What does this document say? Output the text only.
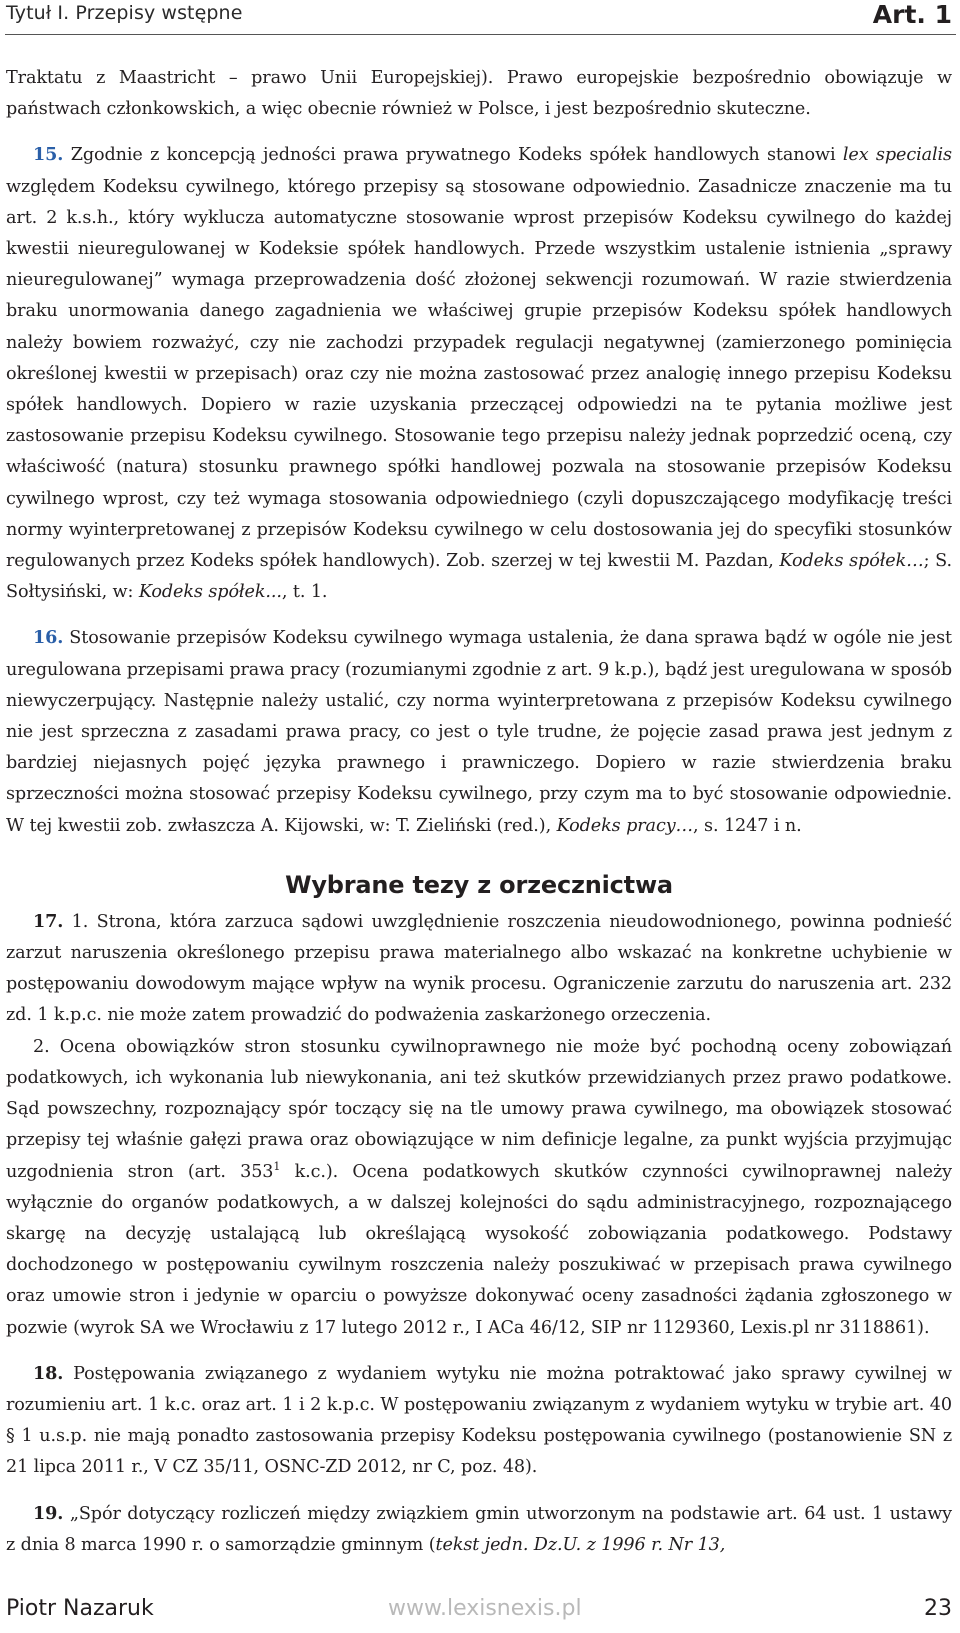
Tytuł I. Przepisy wstępne	Art. 1

Traktatu z Maastricht – prawo Unii Europejskiej). Prawo europejskie bezpośrednio obowiązuje w państwach członkowskich, a więc obecnie również w Polsce, i jest bezpośrednio skuteczne.

15. Zgodnie z koncepcją jedności prawa prywatnego Kodeks spółek handlowych stanowi lex specialis względem Kodeksu cywilnego, którego przepisy są stosowane odpowiednio. Zasadnicze znaczenie ma tu art. 2 k.s.h., który wyklucza automatyczne stosowanie wprost przepisów Kodeksu cywilnego do każdej kwestii nieuregulowanej w Kodeksie spółek handlowych. Przede wszystkim ustalenie istnienia „sprawy nieuregulowanej” wymaga przeprowadzenia dość złożonej sekwencji rozumowań. W razie stwierdzenia braku unormowania danego zagadnienia we właściwej grupie przepisów Kodeksu spółek handlowych należy bowiem rozważyć, czy nie zachodzi przypadek regulacji negatywnej (zamierzonego pominięcia określonej kwestii w przepisach) oraz czy nie można zastosować przez analogię innego przepisu Kodeksu spółek handlowych. Dopiero w razie uzyskania przeczącej odpowiedzi na te pytania możliwe jest zastosowanie przepisu Kodeksu cywilnego. Stosowanie tego przepisu należy jednak poprzedzić oceną, czy właściwość (natura) stosunku prawnego spółki handlowej pozwala na stosowanie przepisów Kodeksu cywilnego wprost, czy też wymaga stosowania odpowiedniego (czyli dopuszczającego modyfikację treści normy wyinterpretowanej z przepisów Kodeksu cywilnego w celu dostosowania jej do specyfiki stosunków regulowanych przez Kodeks spółek handlowych). Zob. szerzej w tej kwestii M. Pazdan, Kodeks spółek…; S. Sołtysiński, w: Kodeks spółek..., t. 1.

16. Stosowanie przepisów Kodeksu cywilnego wymaga ustalenia, że dana sprawa bądź w ogóle nie jest uregulowana przepisami prawa pracy (rozumianymi zgodnie z art. 9 k.p.), bądź jest uregulowana w sposób niewyczerpujący. Następnie należy ustalić, czy norma wyinterpretowana z przepisów Kodeksu cywilnego nie jest sprzeczna z zasadami prawa pracy, co jest o tyle trudne, że pojęcie zasad prawa jest jednym z bardziej niejasnych pojęć języka prawnego i prawniczego. Dopiero w razie stwierdzenia braku sprzeczności można stosować przepisy Kodeksu cywilnego, przy czym ma to być stosowanie odpowiednie. W tej kwestii zob. zwłaszcza A. Kijowski, w: T. Zieliński (red.), Kodeks pracy…, s. 1247 i n.

Wybrane tezy z orzecznictwa

17. 1. Strona, która zarzuca sądowi uwzględnienie roszczenia nieudowodnionego, powinna podnieść zarzut naruszenia określonego przepisu prawa materialnego albo wskazać na konkretne uchybienie w postępowaniu dowodowym mające wpływ na wynik procesu. Ograniczenie zarzutu do naruszenia art. 232 zd. 1 k.p.c. nie może zatem prowadzić do podważenia zaskarżonego orzeczenia.

2. Ocena obowiązków stron stosunku cywilnoprawnego nie może być pochodną oceny zobowiązań podatkowych, ich wykonania lub niewykonania, ani też skutków przewidzianych przez prawo podatkowe. Sąd powszechny, rozpoznający spór toczący się na tle umowy prawa cywilnego, ma obowiązek stosować przepisy tej właśnie gałęzi prawa oraz obowiązujące w nim definicje legalne, za punkt wyjścia przyjmując uzgodnienia stron (art. $353^1$ k.c.). Ocena podatkowych skutków czynności cywilnoprawnej należy wyłącznie do organów podatkowych, a w dalszej kolejności do sądu administracyjnego, rozpoznającego skargę na decyzję ustalającą lub określającą wysokość zobowiązania podatkowego. Podstawy dochodzonego w postępowaniu cywilnym roszczenia należy poszukiwać w przepisach prawa cywilnego oraz umowie stron i jedynie w oparciu o powyższe dokonywać oceny zasadności żądania zgłoszonego w pozwie (wyrok SA we Wrocławiu z 17 lutego 2012 r., I ACa 46/12, SIP nr 1129360, Lexis.pl nr 3118861).

18. Postępowania związanego z wydaniem wytyku nie można potraktować jako sprawy cywilnej w rozumieniu art. 1 k.c. oraz art. 1 i 2 k.p.c. W postępowaniu związanym z wydaniem wytyku w trybie art. 40 § 1 u.s.p. nie mają ponadto zastosowania przepisy Kodeksu postępowania cywilnego (postanowienie SN z 21 lipca 2011 r., V CZ 35/11, OSNC-ZD 2012, nr C, poz. 48).

19. „Spór dotyczący rozliczeń między związkiem gmin utworzonym na podstawie art. 64 ust. 1 ustawy z dnia 8 marca 1990 r. o samorządzie gminnym (tekst jedn. Dz.U. z 1996 r. Nr 13,

Piotr Nazaruk	www.lexisnexis.pl	23
